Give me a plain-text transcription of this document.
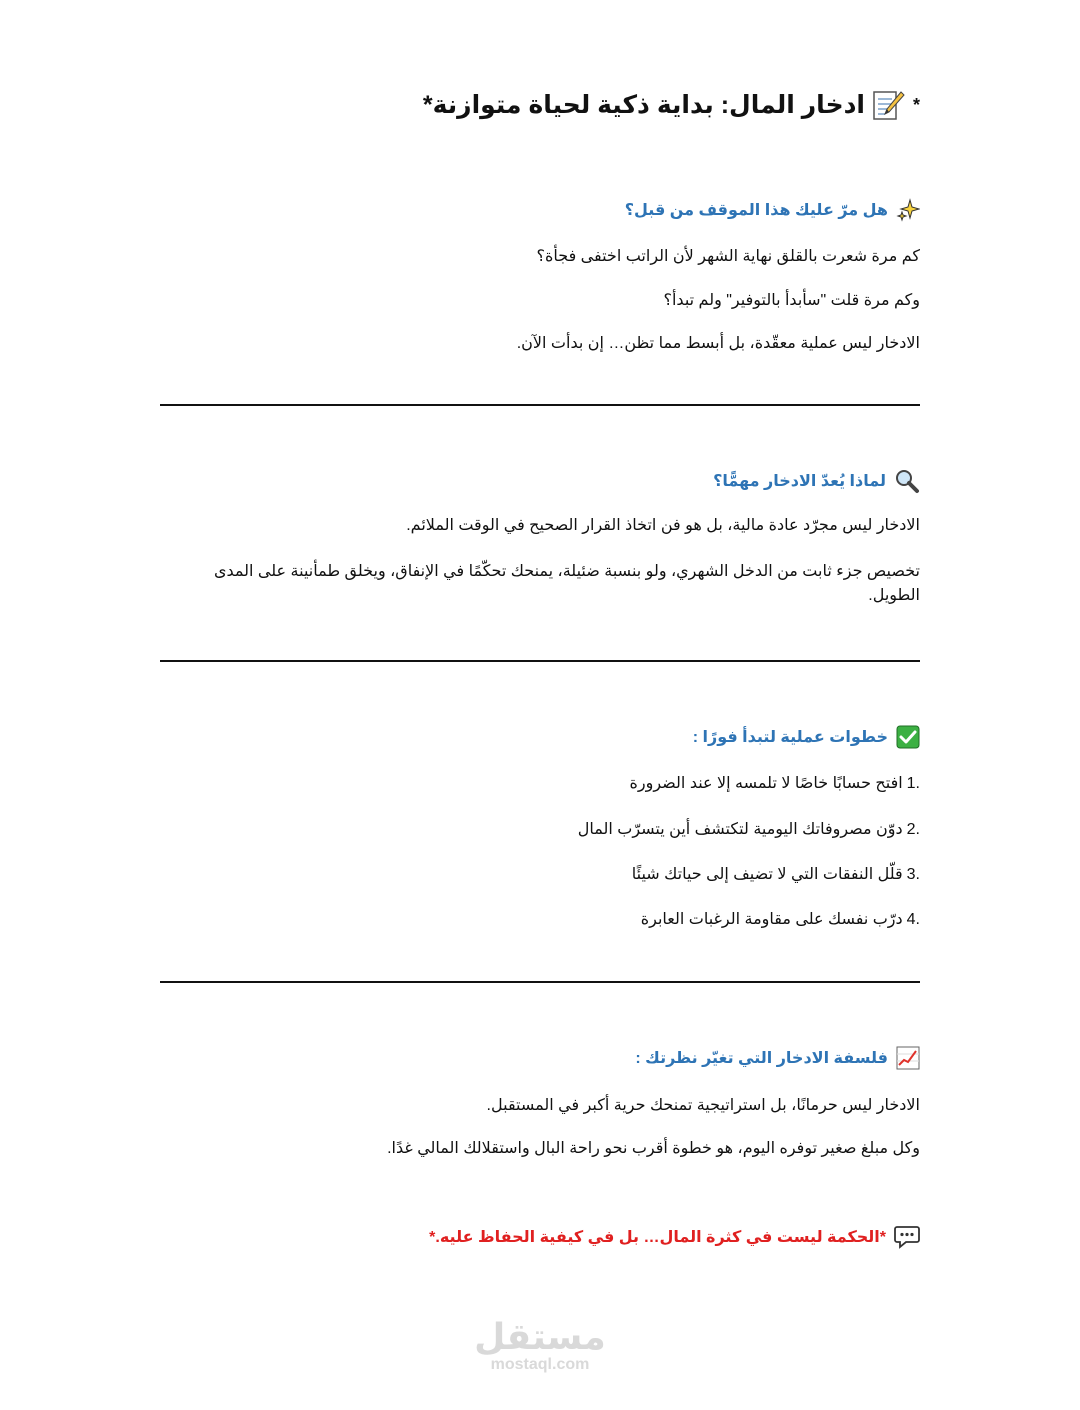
*
ادخار المال: بداية ذكية لحياة متوازنة*
هل مرّ عليك هذا الموقف من قبل؟
كم مرة شعرت بالقلق نهاية الشهر لأن الراتب اختفى فجأة؟
وكم مرة قلت "سأبدأ بالتوفير" ولم تبدأ؟
الادخار ليس عملية معقّدة، بل أبسط مما تظن… إن بدأت الآن.
لماذا يُعدّ الادخار مهمًّا؟
الادخار ليس مجرّد عادة مالية، بل هو فن اتخاذ القرار الصحيح في الوقت الملائم.
تخصيص جزء ثابت من الدخل الشهري، ولو بنسبة ضئيلة، يمنحك تحكّمًا في الإنفاق، ويخلق طمأنينة على المدى الطويل.
خطوات عملية لتبدأ فورًا :
1.
افتح حسابًا خاصًا لا تلمسه إلا عند الضرورة
2.
دوّن مصروفاتك اليومية لتكتشف أين يتسرّب المال
3.
قلّل النفقات التي لا تضيف إلى حياتك شيئًا
4.
درّب نفسك على مقاومة الرغبات العابرة
فلسفة الادخار التي تغيّر نظرتك :
الادخار ليس حرمانًا، بل استراتيجية تمنحك حرية أكبر في المستقبل.
وكل مبلغ صغير توفره اليوم، هو خطوة أقرب نحو راحة البال واستقلالك المالي غدًا.
*الحكمة ليست في كثرة المال… بل في كيفية الحفاظ عليه.*
مستقل
mostaql.com
